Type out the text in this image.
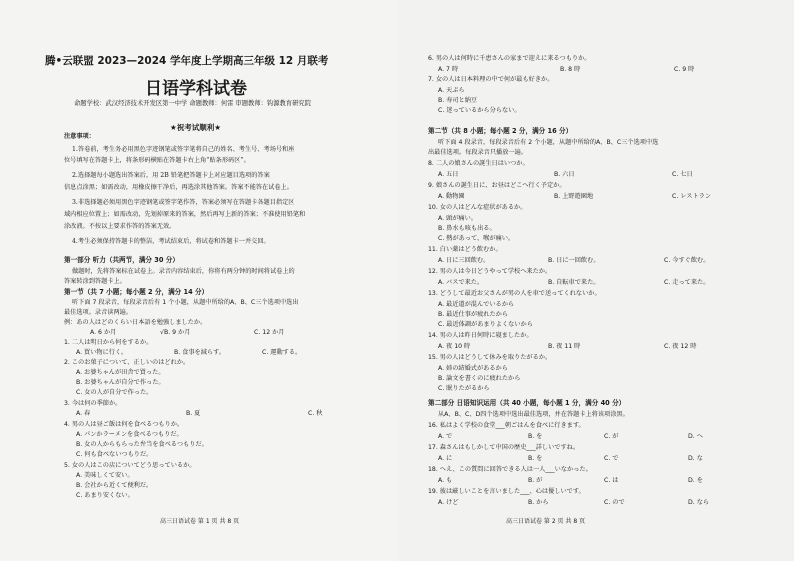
腾•云联盟 2023—2024 学年度上学期高三年级 12 月联考
日语学科试卷
命题学校：武汉经济技术开发区第一中学 命题教师：何雷 审题教师：钩源教育研究院
★祝考试顺利★
注意事项：
1.答卷前，考生务必用黑色字迹钢笔或签字笔将自己的姓名、考生号、考场号和座
位号填写在答题卡上，将条形码横贴在答题卡右上角“贴条形码区”。
2.选择题每小题选出答案后，用 2B 铅笔把答题卡上对应题目选项的答案
信息点涂黑；如需改动，用橡皮擦干净后，再选涂其他答案。答案不能答在试卷上。
3.非选择题必须用黑色字迹钢笔或签字笔作答，答案必须写在答题卡各题目指定区
域内相应位置上；如需改动，先划掉原来的答案，然后再写上新的答案；不准使用铅笔和
涂改液。不按以上要求作答的答案无效。
4.考生必须保持答题卡的整洁，考试结束后，将试卷和答题卡一并交回。
第一部分 听力（共两节，满分 30 分）
做题时，先将答案标在试卷上。录音内容结束后，你将有两分钟的时间将试卷上的
答案转涂到答题卡上。
第一节（共 7 小题；每小题 2 分，满分 14 分）
听下面 7 段录音，每段录音后有 1 个小题，从题中所给的A、B、C三个选项中选出
最佳选项。录音读两遍。
例：あの人はどのくらい日本語を勉強しましたか。
A. 6 か月	√B. 9 か月	C. 12 か月
1. 二人は明日から何をするか。
A. 買い物に行く。	B. 食事を減らす。	C. 運動する。
2. このお菓子について、正しいのはどれか。
A. お婆ちゃんが田舎で買った。
B. お婆ちゃんが自分で作った。
C. 女の人が自分で作った。
3. 今は何の季節か。
A. 春	B. 夏	C. 秋
4. 男の人は昼ご飯は何を食べるつもりか。
A. パンかラーメンを食べるつもりだ。
B. 女の人からもらった弁当を食べるつもりだ。
C. 何も食べないつもりだ。
5. 女の人はこの店についてどう思っているか。
A. 美味しくて安い。
B. 会社から近くて便利だ。
C. あまり安くない。
高三日语试卷 第 1 页 共 8 页
6. 男の人は何時に千恵さんの家まで迎えに来るつもりか。
A. 7 時	B. 8 時	C. 9 時
7. 女の人は日本料理の中で何が最も好きか。
A. 天ぷら
B. 寿司と納豆
C. 迷っているから分らない。
第二节（共 8 小题；每小题 2 分，满分 16 分）
听下面 4 段录音，每段录音后有 2 个小题，从题中所给的A、B、C三个选项中选
出最佳选项。每段录音只播放一遍。
8. 二人の娘さんの誕生日はいつか。
A. 五日	B. 六日	C. 七日
9. 娘さんの誕生日に、お昼はどこへ行く予定か。
A. 動物園	B. 上野遊園地	C. レストラン
10. 女の人はどんな症状があるか。
A. 頭が痛い。
B. 鼻水も咳も出る。
C. 熱があって、喉が痛い。
11. 白い薬はどう飲むか。
A. 日に三回飲む。	B. 日に一回飲む。	C. 今すぐ飲む。
12. 男の人は今日どうやって学校へ来たか。
A. バスで来た。	B. 自転車で来た。	C. 走って来た。
13. どうして最近お父さんが男の人を車で送ってくれないか。
A. 最近道が混んでいるから
B. 最近仕事が疲れたから
C. 最近体調があまりよくないから
14. 男の人は昨日何時に寝ましたか。
A. 夜 10 時	B. 夜 11 時	C. 夜 12 時
15. 男の人はどうして休みを取りたがるか。
A. 姉の結婚式があるから
B. 論文を書くのに疲れたから
C. 眠りたがるから
第二部分 日语知识运用（共 40 小题，每小题 1 分，满分 40 分）
从A、B、C、D四个选项中选出最佳选项，并在答题卡上将该项涂黑。
16. 私はよく学校の食堂___朝ごはんを食べに行きます。
A. で	B. を	C. が	D. へ
17. 森さんはもしかして中国の歴史___詳しいですね。
A. に	B. を	C. で	D. な
18. へえ、この質問に回答できる人は一人___いなかった。
A. も	B. が	C. は	D. を
19. 彼は厳しいことを言いました___、心は優しいです。
A. けど	B. から	C. ので	D. なら
高三日语试卷 第 2 页 共 8 页
